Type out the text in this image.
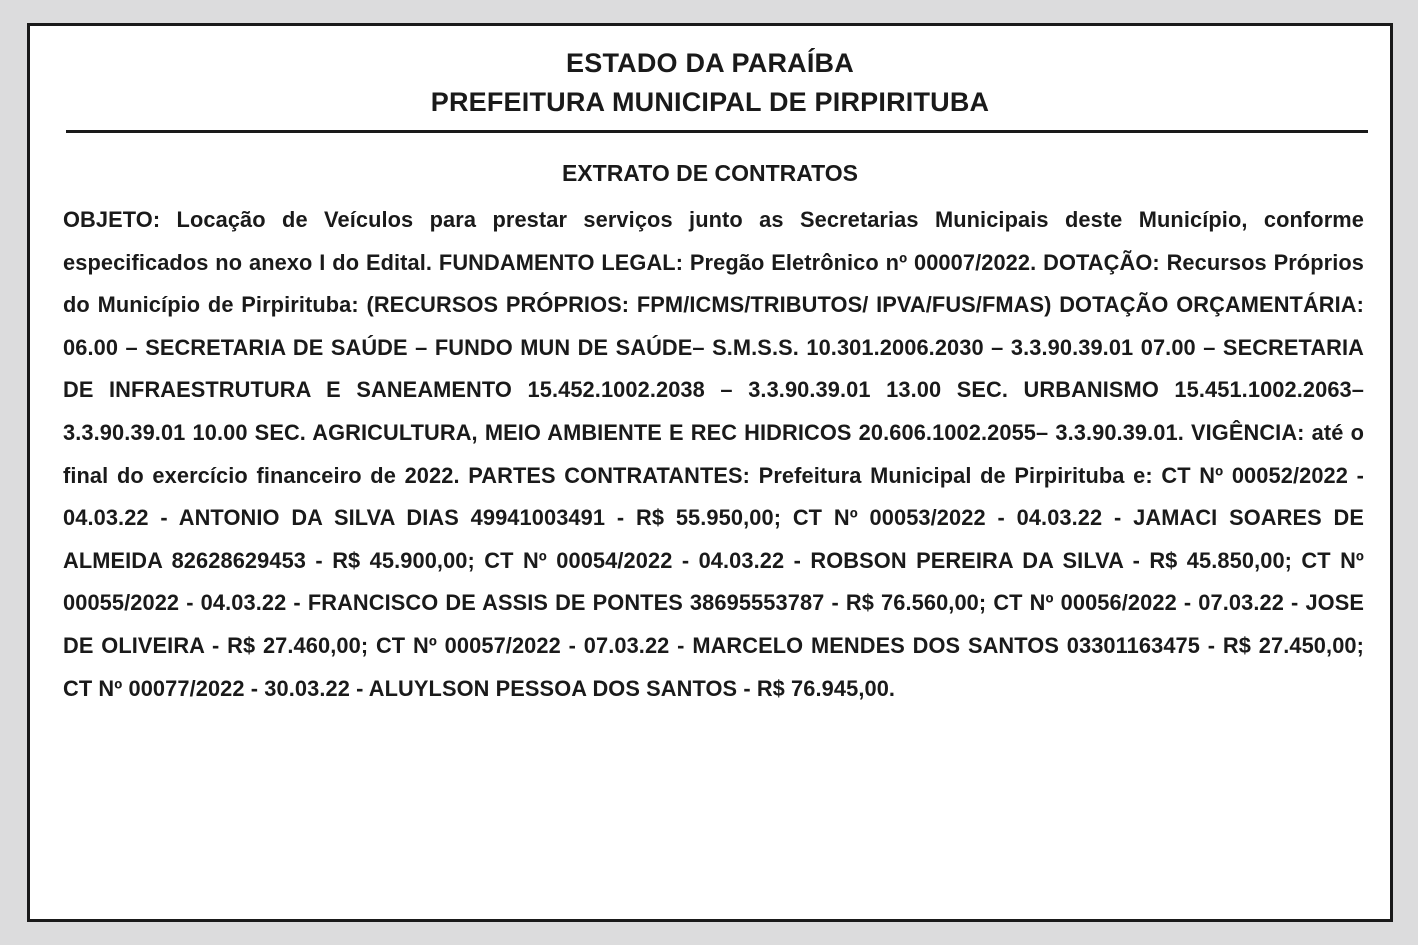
ESTADO DA PARAÍBA
PREFEITURA MUNICIPAL DE PIRPIRITUBA
EXTRATO DE CONTRATOS
OBJETO: Locação de Veículos para prestar serviços junto as Secretarias Municipais deste Município, conforme especificados no anexo I do Edital. FUNDAMENTO LEGAL: Pregão Eletrônico nº 00007/2022. DOTAÇÃO: Recursos Próprios do Município de Pirpirituba: (RECURSOS PRÓPRIOS: FPM/ICMS/TRIBUTOS/ IPVA/FUS/FMAS) DOTAÇÃO ORÇAMENTÁRIA: 06.00 – SECRETARIA DE SAÚDE – FUNDO MUN DE SAÚDE– S.M.S.S. 10.301.2006.2030 – 3.3.90.39.01 07.00 – SECRETARIA DE INFRAESTRUTURA E SANEAMENTO 15.452.1002.2038 – 3.3.90.39.01 13.00 SEC. URBANISMO 15.451.1002.2063– 3.3.90.39.01 10.00 SEC. AGRICULTURA, MEIO AMBIENTE E REC HIDRICOS 20.606.1002.2055– 3.3.90.39.01. VIGÊNCIA: até o final do exercício financeiro de 2022. PARTES CONTRATANTES: Prefeitura Municipal de Pirpirituba e: CT Nº 00052/2022 - 04.03.22 - ANTONIO DA SILVA DIAS 49941003491 - R$ 55.950,00; CT Nº 00053/2022 - 04.03.22 - JAMACI SOARES DE ALMEIDA 82628629453 - R$ 45.900,00; CT Nº 00054/2022 - 04.03.22 - ROBSON PEREIRA DA SILVA - R$ 45.850,00; CT Nº 00055/2022 - 04.03.22 - FRANCISCO DE ASSIS DE PONTES 38695553787 - R$ 76.560,00; CT Nº 00056/2022 - 07.03.22 - JOSE DE OLIVEIRA - R$ 27.460,00; CT Nº 00057/2022 - 07.03.22 - MARCELO MENDES DOS SANTOS 03301163475 - R$ 27.450,00; CT Nº 00077/2022 - 30.03.22 - ALUYLSON PESSOA DOS SANTOS - R$ 76.945,00.
